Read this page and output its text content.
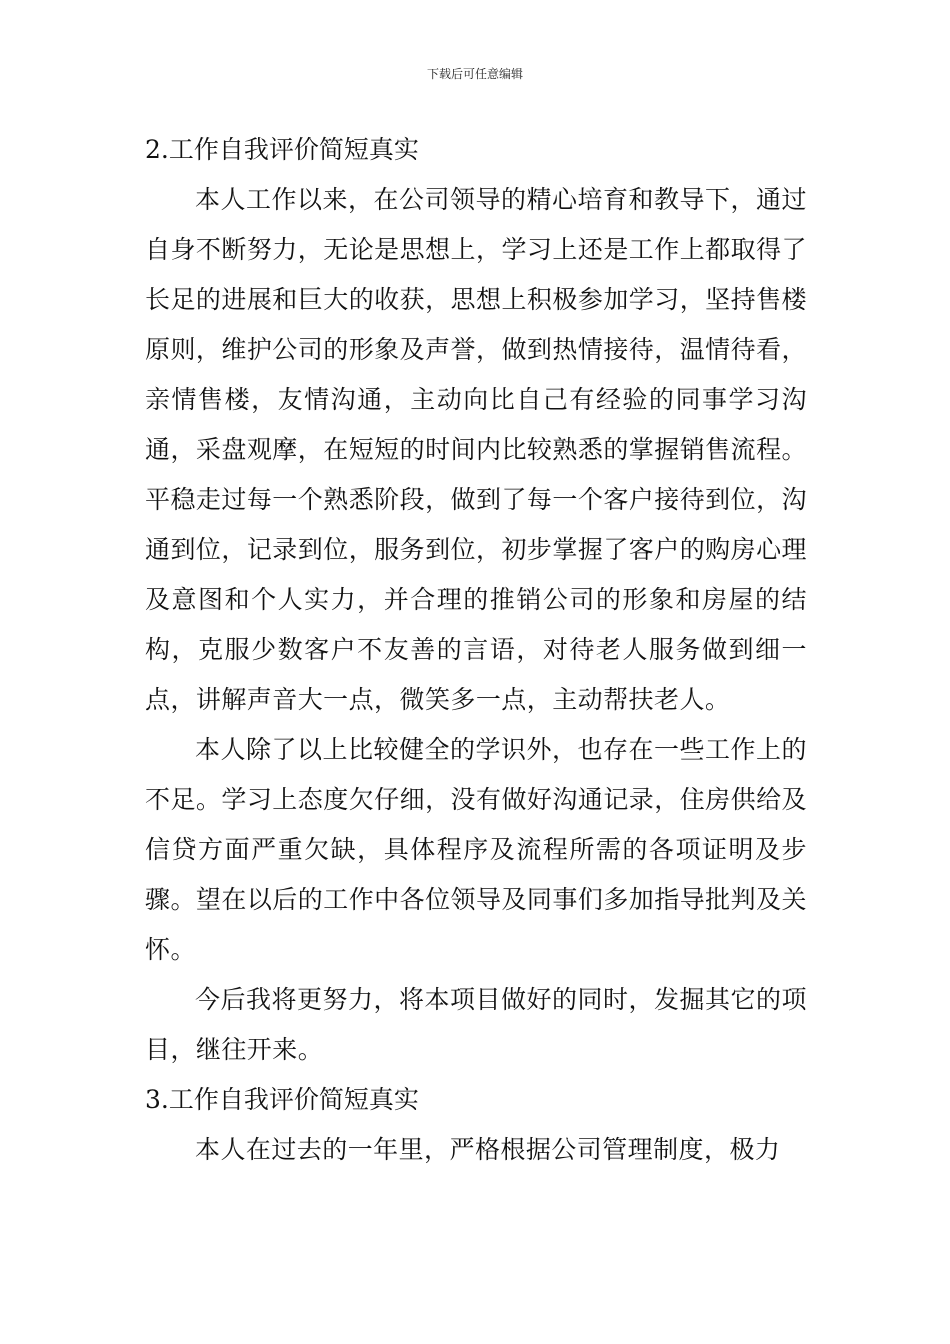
下载后可任意编辑
2.工作自我评价简短真实

本人工作以来，在公司领导的精心培育和教导下，通过自身不断努力，无论是思想上，学习上还是工作上都取得了长足的进展和巨大的收获，思想上积极参加学习，坚持售楼原则，维护公司的形象及声誉，做到热情接待，温情待看，亲情售楼，友情沟通，主动向比自己有经验的同事学习沟通，采盘观摩，在短短的时间内比较熟悉的掌握销售流程。平稳走过每一个熟悉阶段，做到了每一个客户接待到位，沟通到位，记录到位，服务到位，初步掌握了客户的购房心理及意图和个人实力，并合理的推销公司的形象和房屋的结构，克服少数客户不友善的言语，对待老人服务做到细一点，讲解声音大一点，微笑多一点，主动帮扶老人。

本人除了以上比较健全的学识外，也存在一些工作上的不足。学习上态度欠仔细，没有做好沟通记录，住房供给及信贷方面严重欠缺，具体程序及流程所需的各项证明及步骤。望在以后的工作中各位领导及同事们多加指导批判及关怀。

今后我将更努力，将本项目做好的同时，发掘其它的项目，继往开来。

3.工作自我评价简短真实

本人在过去的一年里，严格根据公司管理制度，极力
